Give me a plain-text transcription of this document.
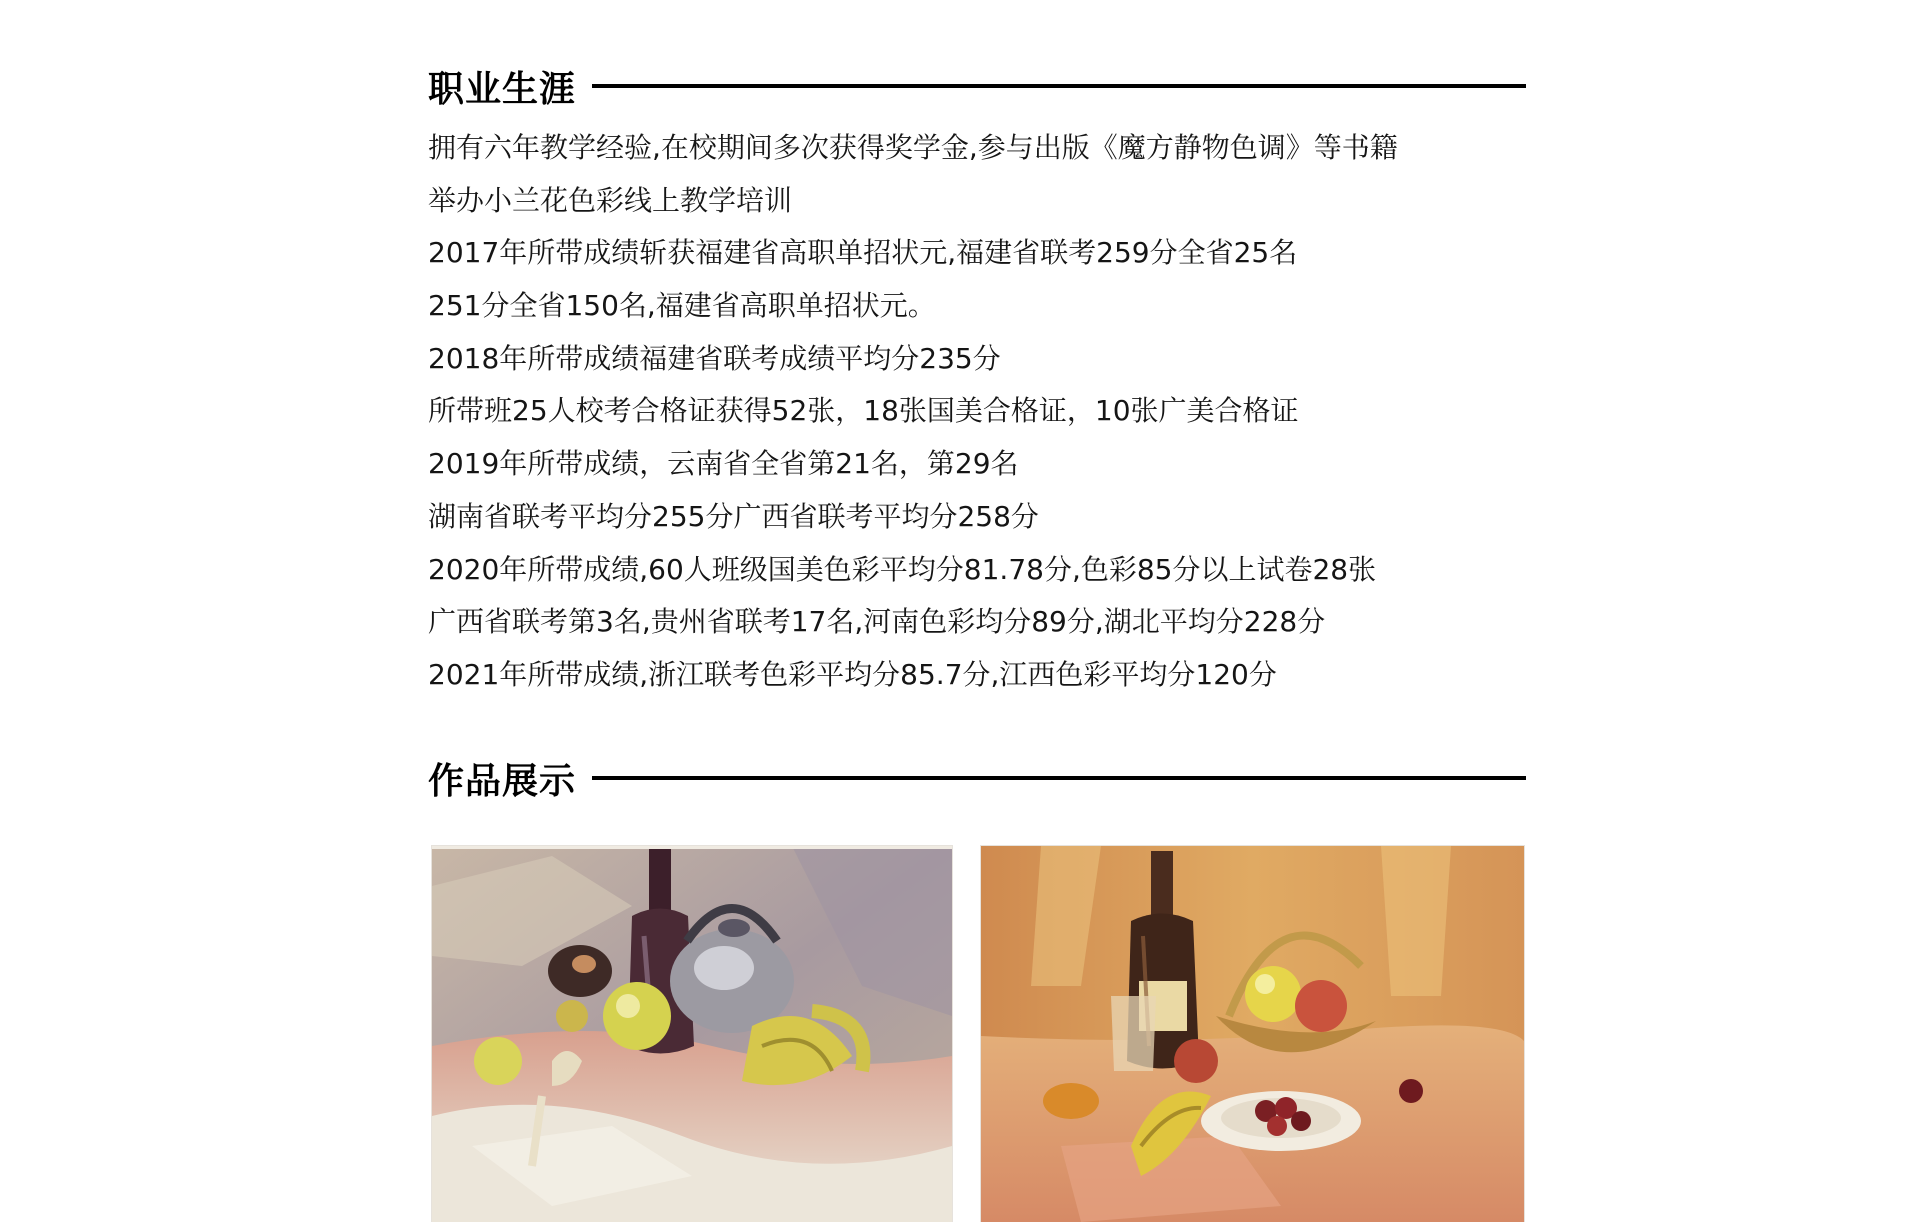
职业生涯
拥有六年教学经验,在校期间多次获得奖学金,参与出版《魔方静物色调》等书籍
举办小兰花色彩线上教学培训
2017年所带成绩斩获福建省高职单招状元,福建省联考259分全省25名
251分全省150名,福建省高职单招状元。
2018年所带成绩福建省联考成绩平均分235分
所带班25人校考合格证获得52张，18张国美合格证，10张广美合格证
2019年所带成绩，云南省全省第21名，第29名
湖南省联考平均分255分广西省联考平均分258分
2020年所带成绩,60人班级国美色彩平均分81.78分,色彩85分以上试卷28张
广西省联考第3名,贵州省联考17名,河南色彩均分89分,湖北平均分228分
2021年所带成绩,浙江联考色彩平均分85.7分,江西色彩平均分120分
作品展示
